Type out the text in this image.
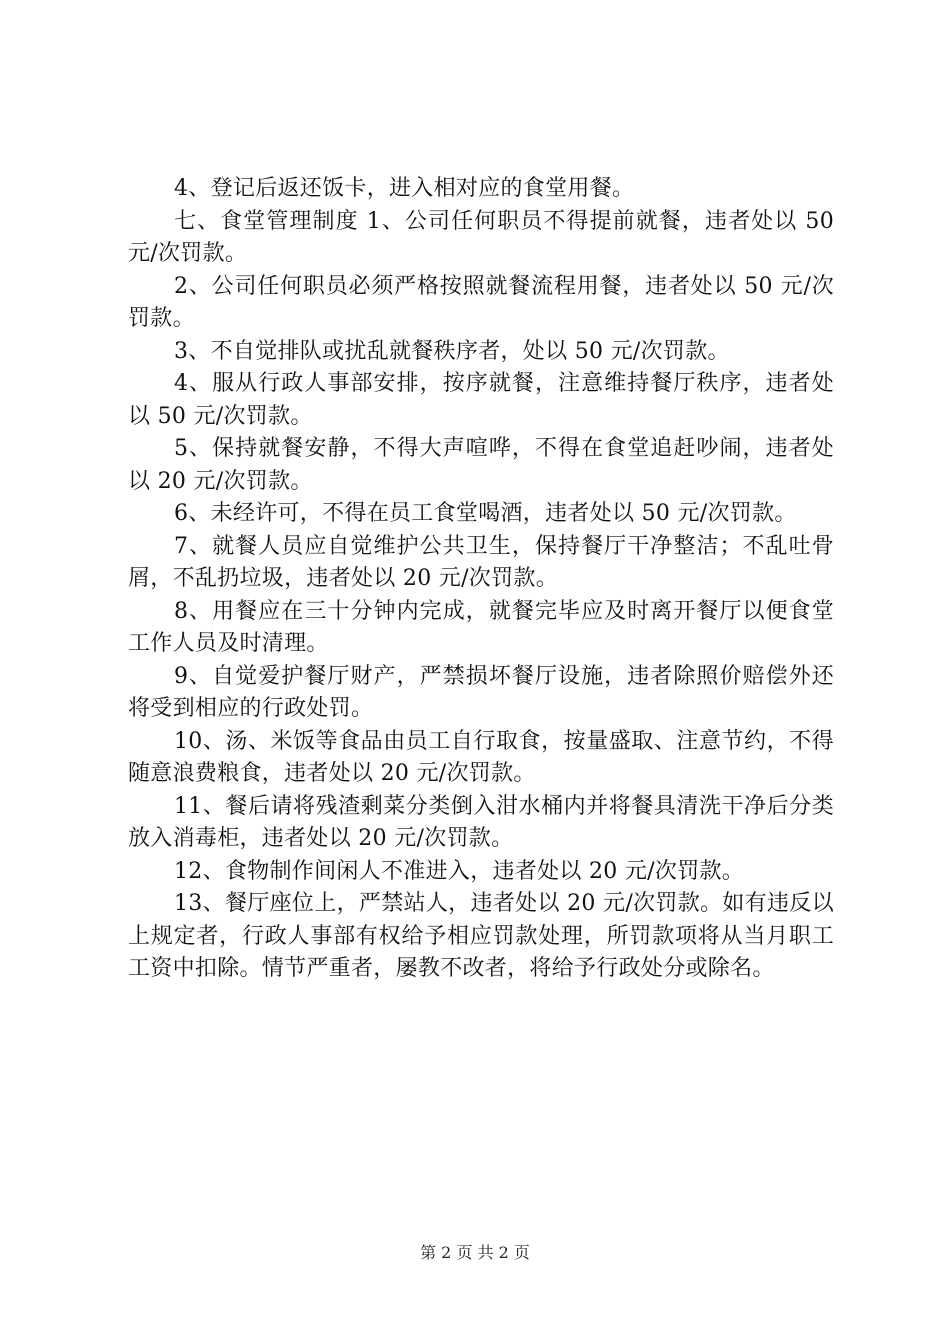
4、登记后返还饭卡，进入相对应的食堂用餐。

七、食堂管理制度 1、公司任何职员不得提前就餐，违者处以 50 元/次罚款。

2、公司任何职员必须严格按照就餐流程用餐，违者处以 50 元/次罚款。

3、不自觉排队或扰乱就餐秩序者，处以 50 元/次罚款。

4、服从行政人事部安排，按序就餐，注意维持餐厅秩序，违者处以 50 元/次罚款。

5、保持就餐安静，不得大声喧哗，不得在食堂追赶吵闹，违者处以 20 元/次罚款。

6、未经许可，不得在员工食堂喝酒，违者处以 50 元/次罚款。

7、就餐人员应自觉维护公共卫生，保持餐厅干净整洁；不乱吐骨屑，不乱扔垃圾，违者处以 20 元/次罚款。

8、用餐应在三十分钟内完成，就餐完毕应及时离开餐厅以便食堂工作人员及时清理。

9、自觉爱护餐厅财产，严禁损坏餐厅设施，违者除照价赔偿外还将受到相应的行政处罚。

10、汤、米饭等食品由员工自行取食，按量盛取、注意节约，不得随意浪费粮食，违者处以 20 元/次罚款。

11、餐后请将残渣剩菜分类倒入泔水桶内并将餐具清洗干净后分类放入消毒柜，违者处以 20 元/次罚款。

12、食物制作间闲人不准进入，违者处以 20 元/次罚款。

13、餐厅座位上，严禁站人，违者处以 20 元/次罚款。如有违反以上规定者，行政人事部有权给予相应罚款处理，所罚款项将从当月职工工资中扣除。情节严重者，屡教不改者，将给予行政处分或除名。

第 2 页 共 2 页
